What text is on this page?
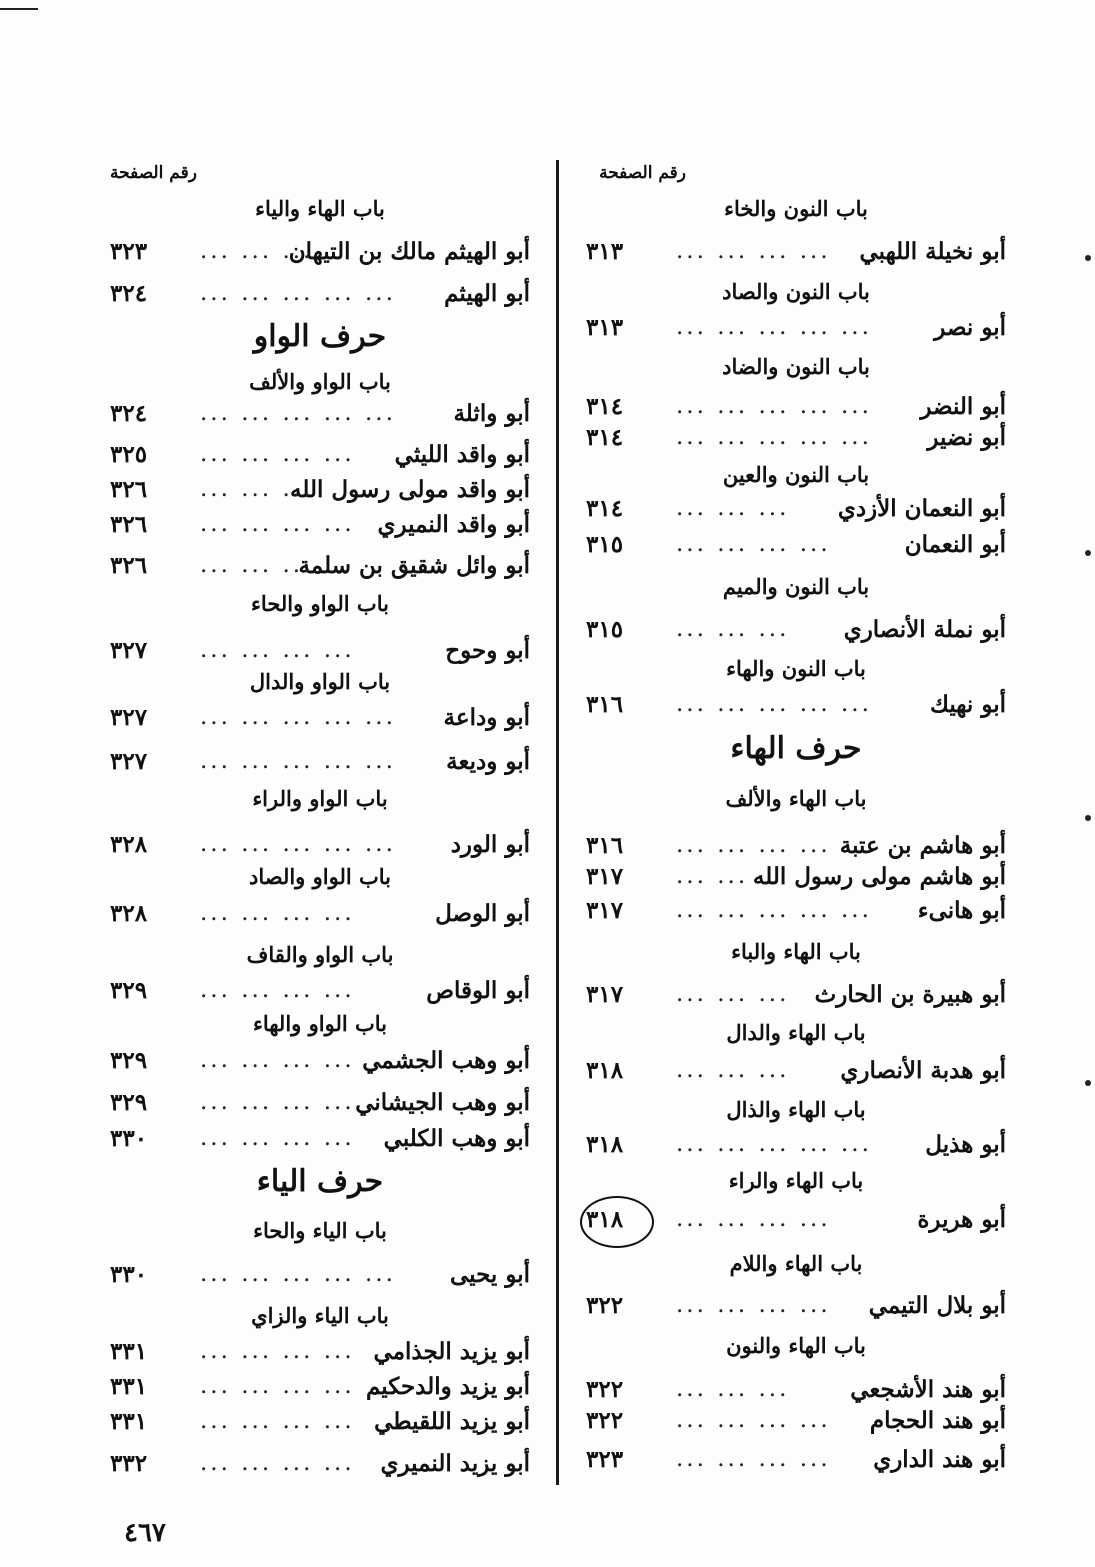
رقم الصفحة
باب النون والخاء
أبو نخيلة اللهبي
... ... ... ...
٣١٣
باب النون والصاد
أبو نصر
... ... ... ... ...
٣١٣
باب النون والضاد
أبو النضر
... ... ... ... ...
٣١٤
أبو نضير
... ... ... ... ...
٣١٤
باب النون والعين
أبو النعمان الأزدي
... ... ...
٣١٤
أبو النعمان
... ... ... ...
٣١٥
باب النون والميم
أبو نملة الأنصاري
... ... ...
٣١٥
باب النون والهاء
أبو نهيك
... ... ... ... ...
٣١٦
حرف الهاء
باب الهاء والألف
أبو هاشم بن عتبة
... ... ... ...
٣١٦
أبو هاشم مولى رسول الله
... ...
٣١٧
أبو هانىء
... ... ... ... ...
٣١٧
باب الهاء والباء
أبو هبيرة بن الحارث
... ... ...
٣١٧
باب الهاء والدال
أبو هدبة الأنصاري
... ... ...
٣١٨
باب الهاء والذال
أبو هذيل
... ... ... ... ...
٣١٨
باب الهاء والراء
أبو هريرة
... ... ... ...
٣١٨
باب الهاء واللام
أبو بلال التيمي
... ... ... ...
٣٢٢
باب الهاء والنون
أبو هند الأشجعي
... ... ...
٣٢٢
أبو هند الحجام
... ... ... ...
٣٢٢
أبو هند الداري
... ... ... ...
٣٢٣
رقم الصفحة
باب الهاء والياء
أبو الهيثم مالك بن التيهان
... ... ...
٣٢٣
أبو الهيثم
... ... ... ... ...
٣٢٤
حرف الواو
باب الواو والألف
أبو واثلة
... ... ... ... ...
٣٢٤
أبو واقد الليثي
... ... ... ...
٣٢٥
أبو واقد مولى رسول الله
... ... ...
٣٢٦
أبو واقد النميري
... ... ... ...
٣٢٦
أبو وائل شقيق بن سلمة
... ... ...
٣٢٦
باب الواو والحاء
أبو وحوح
... ... ... ...
٣٢٧
باب الواو والدال
أبو وداعة
... ... ... ... ...
٣٢٧
أبو وديعة
... ... ... ... ...
٣٢٧
باب الواو والراء
أبو الورد
... ... ... ... ...
٣٢٨
باب الواو والصاد
أبو الوصل
... ... ... ...
٣٢٨
باب الواو والقاف
أبو الوقاص
... ... ... ...
٣٢٩
باب الواو والهاء
أبو وهب الجشمي
... ... ... ...
٣٢٩
أبو وهب الجيشاني
... ... ... ...
٣٢٩
أبو وهب الكلبي
... ... ... ...
٣٣٠
حرف الياء
باب الياء والحاء
أبو يحيى
... ... ... ... ...
٣٣٠
باب الياء والزاي
أبو يزيد الجذامي
... ... ... ...
٣٣١
أبو يزيد والدحكيم
... ... ... ...
٣٣١
أبو يزيد اللقيطي
... ... ... ...
٣٣١
أبو يزيد النميري
... ... ... ...
٣٣٢
٤٦٧
